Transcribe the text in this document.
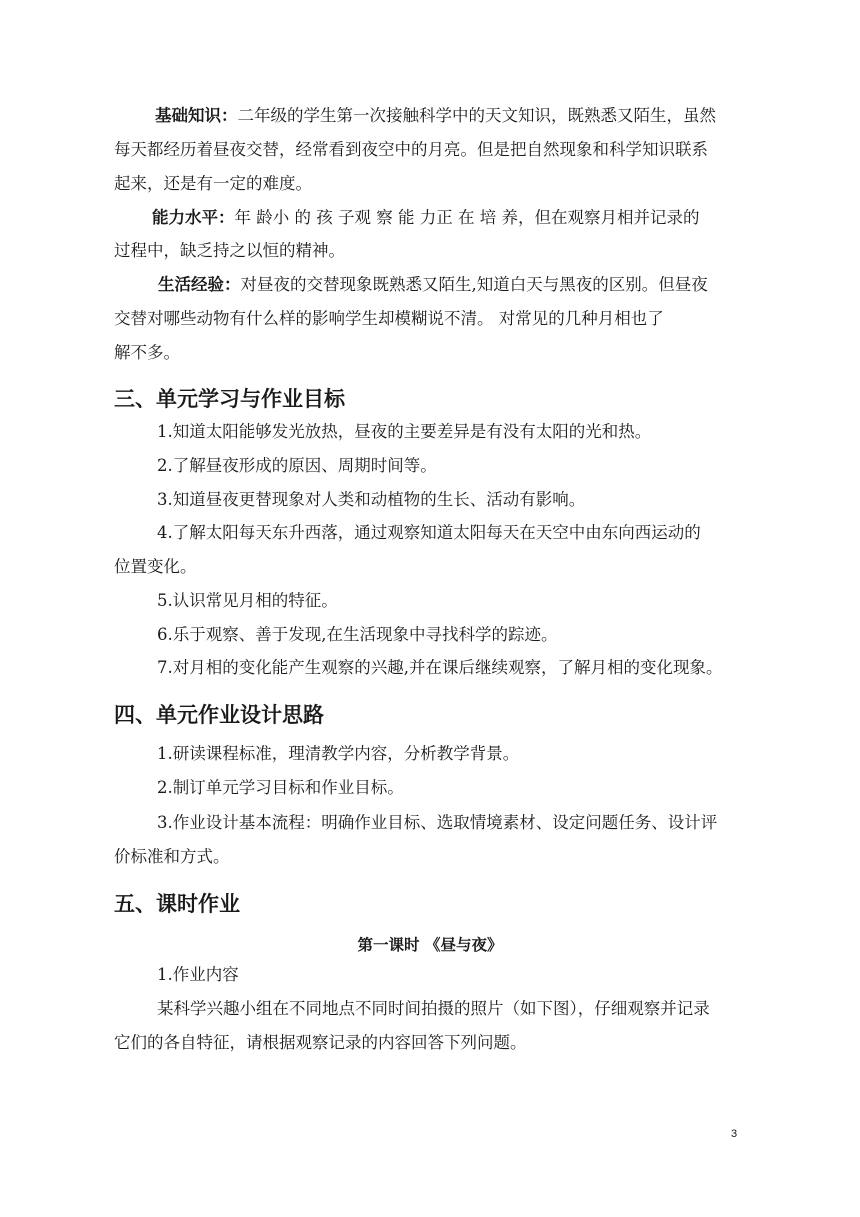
基础知识：二年级的学生第一次接触科学中的天文知识，既熟悉又陌生，虽然
每天都经历着昼夜交替，经常看到夜空中的月亮。但是把自然现象和科学知识联系
起来，还是有一定的难度。
能力水平：年 龄小 的 孩 子观 察 能 力正 在 培 养，但在观察月相并记录的
过程中，缺乏持之以恒的精神。
生活经验：对昼夜的交替现象既熟悉又陌生,知道白天与黑夜的区别。但昼夜
交替对哪些动物有什么样的影响学生却模糊说不清。 对常见的几种月相也了
解不多。
三、单元学习与作业目标
1.知道太阳能够发光放热，昼夜的主要差异是有没有太阳的光和热。
2.了解昼夜形成的原因、周期时间等。
3.知道昼夜更替现象对人类和动植物的生长、活动有影响。
4.了解太阳每天东升西落，通过观察知道太阳每天在天空中由东向西运动的
位置变化。
5.认识常见月相的特征。
6.乐于观察、善于发现,在生活现象中寻找科学的踪迹。
7.对月相的变化能产生观察的兴趣,并在课后继续观察，了解月相的变化现象。
四、单元作业设计思路
1.研读课程标准，理清教学内容，分析教学背景。
2.制订单元学习目标和作业目标。
3.作业设计基本流程：明确作业目标、选取情境素材、设定问题任务、设计评
价标准和方式。
五、课时作业
第一课时 《昼与夜》
1.作业内容
某科学兴趣小组在不同地点不同时间拍摄的照片（如下图），仔细观察并记录
它们的各自特征，请根据观察记录的内容回答下列问题。
3
